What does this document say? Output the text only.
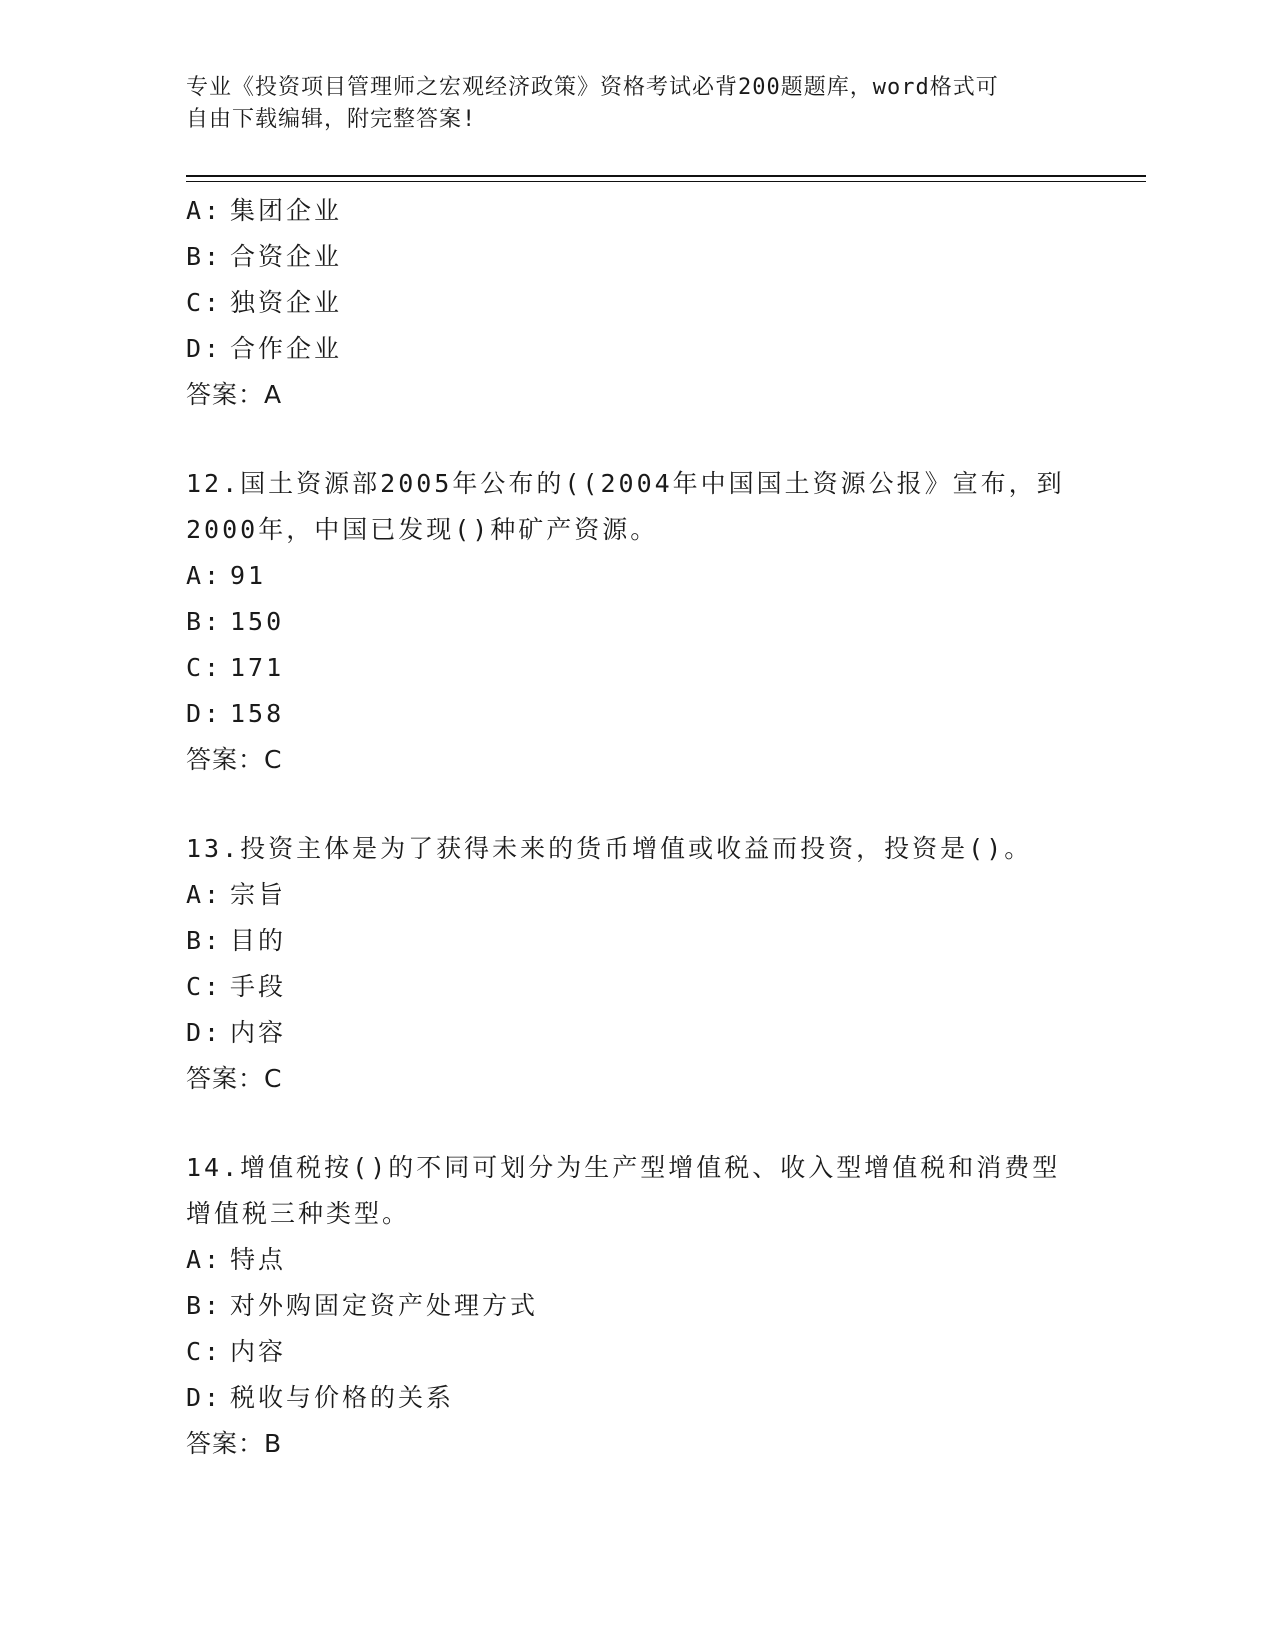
专业《投资项目管理师之宏观经济政策》资格考试必背200题题库，word格式可
自由下载编辑，附完整答案!
A: 集团企业
B: 合资企业
C: 独资企业
D: 合作企业
答案：A
12.国土资源部2005年公布的((2004年中国国土资源公报》宣布，到
2000年，中国已发现()种矿产资源。
A: 91
B: 150
C: 171
D: 158
答案：C
13.投资主体是为了获得未来的货币增值或收益而投资，投资是()。
A: 宗旨
B: 目的
C: 手段
D: 内容
答案：C
14.增值税按()的不同可划分为生产型增值税、收入型增值税和消费型
增值税三种类型。
A: 特点
B: 对外购固定资产处理方式
C: 内容
D: 税收与价格的关系
答案：B
